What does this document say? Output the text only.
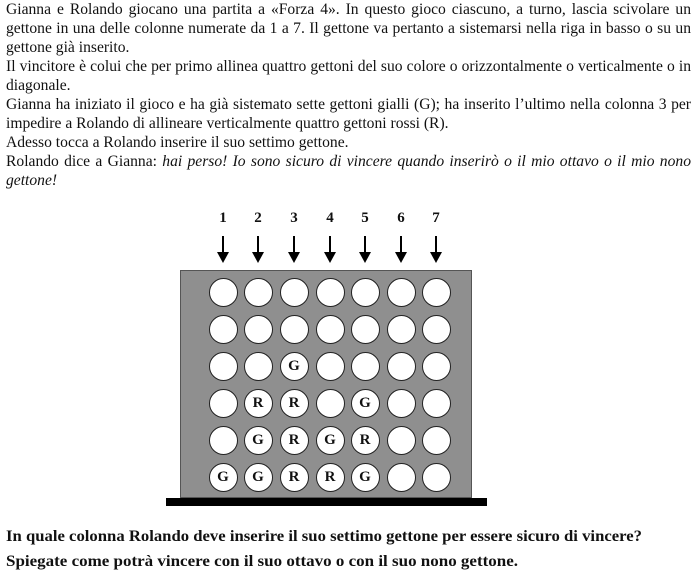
Gianna e Rolando giocano una partita a «Forza 4». In questo gioco ciascuno, a turno, lascia scivolare un gettone in una delle colonne numerate da 1 a 7. Il gettone va pertanto a sistemarsi nella riga in basso o su un gettone già inserito.

Il vincitore è colui che per primo allinea quattro gettoni del suo colore o orizzontalmente o verticalmente o in diagonale.

Gianna ha iniziato il gioco e ha già sistemato sette gettoni gialli (G); ha inserito l’ultimo nella colonna 3 per impedire a Rolando di allineare verticalmente quattro gettoni rossi (R).

Adesso tocca a Rolando inserire il suo settimo gettone.

Rolando dice a Gianna: hai perso! Io sono sicuro di vincere quando inserirò o il mio ottavo o il mio nono gettone!

1	2	3	4	5	6	7
G
R	R	G
G	R	G	R
G	G	R	R	G
In quale colonna Rolando deve inserire il suo settimo gettone per essere sicuro di vincere?
Spiegate come potrà vincere con il suo ottavo o con il suo nono gettone.
